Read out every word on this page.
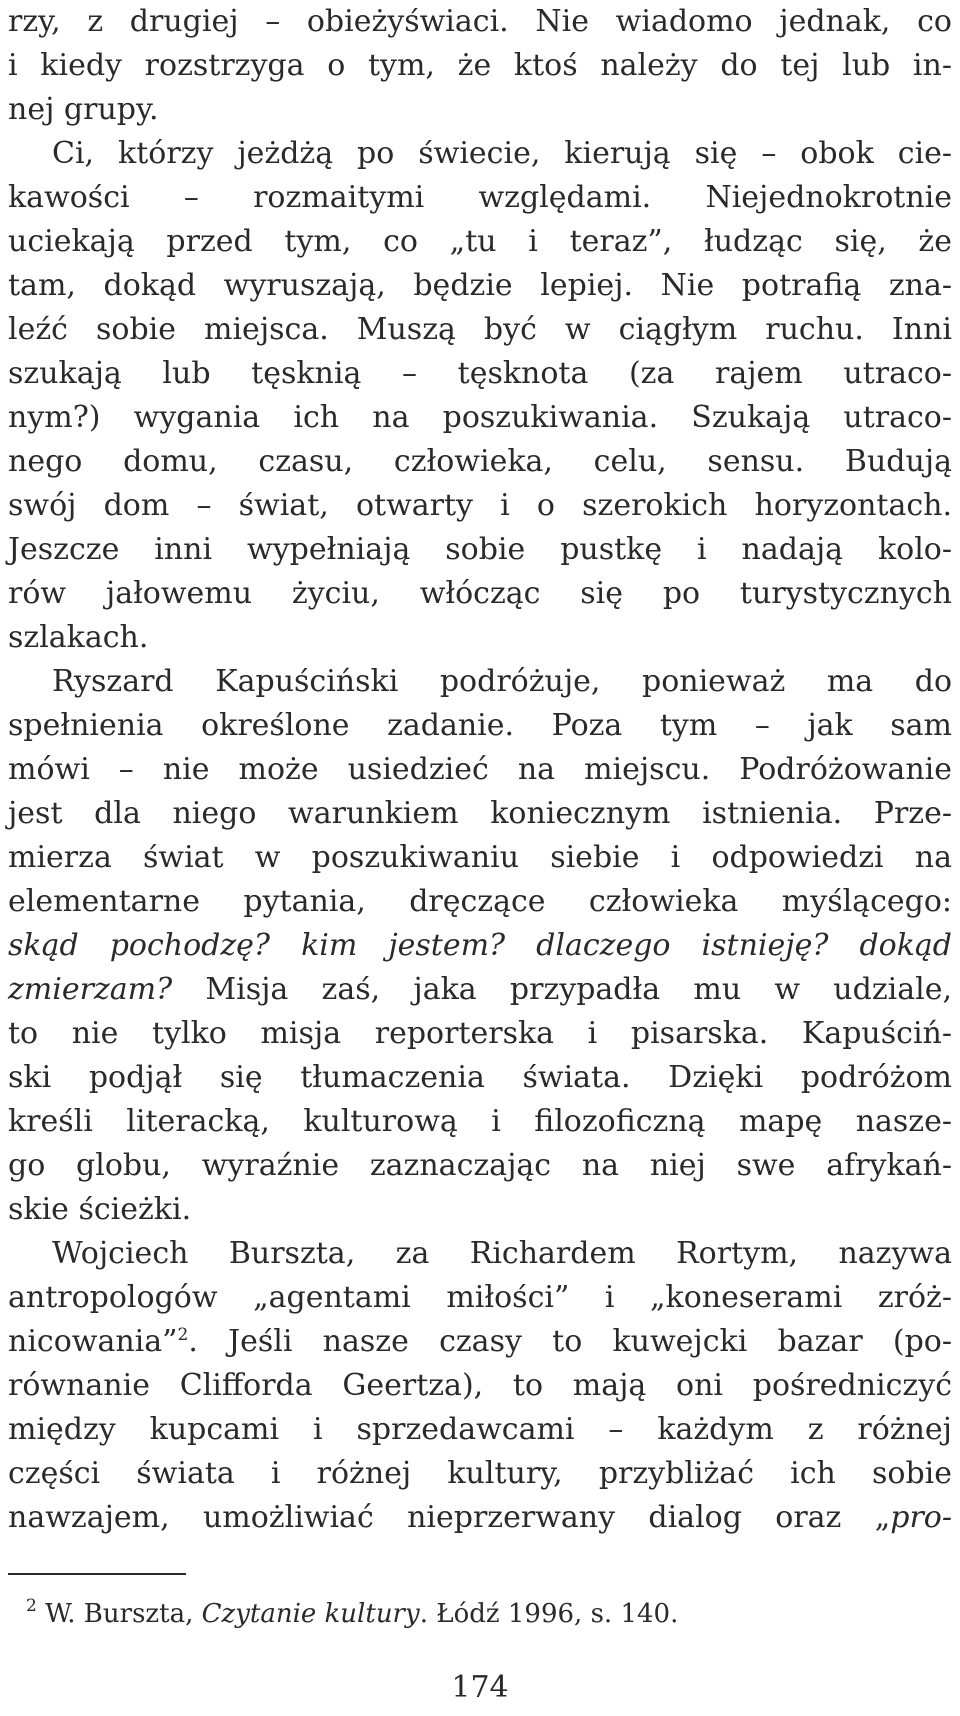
rzy, z drugiej – obieżyświaci. Nie wiadomo jednak, co
i kiedy rozstrzyga o tym, że ktoś należy do tej lub in-
nej grupy.
Ci, którzy jeżdżą po świecie, kierują się – obok cie-
kawości – rozmaitymi względami. Niejednokrotnie
uciekają przed tym, co „tu i teraz”, łudząc się, że
tam, dokąd wyruszają, będzie lepiej. Nie potrafią zna-
leźć sobie miejsca. Muszą być w ciągłym ruchu. Inni
szukają lub tęsknią – tęsknota (za rajem utraco-
nym?) wygania ich na poszukiwania. Szukają utraco-
nego domu, czasu, człowieka, celu, sensu. Budują
swój dom – świat, otwarty i o szerokich horyzontach.
Jeszcze inni wypełniają sobie pustkę i nadają kolo-
rów jałowemu życiu, włócząc się po turystycznych
szlakach.
Ryszard Kapuściński podróżuje, ponieważ ma do
spełnienia określone zadanie. Poza tym – jak sam
mówi – nie może usiedzieć na miejscu. Podróżowanie
jest dla niego warunkiem koniecznym istnienia. Prze-
mierza świat w poszukiwaniu siebie i odpowiedzi na
elementarne pytania, dręczące człowieka myślącego:
skąd pochodzę? kim jestem? dlaczego istnieję? dokąd
zmierzam? Misja zaś, jaka przypadła mu w udziale,
to nie tylko misja reporterska i pisarska. Kapuściń-
ski podjął się tłumaczenia świata. Dzięki podróżom
kreśli literacką, kulturową i filozoficzną mapę nasze-
go globu, wyraźnie zaznaczając na niej swe afrykań-
skie ścieżki.
Wojciech Burszta, za Richardem Rortym, nazywa
antropologów „agentami miłości” i „koneserami zróż-
nicowania”$^2$. Jeśli nasze czasy to kuwejcki bazar (po-
równanie Clifforda Geertza), to mają oni pośredniczyć
między kupcami i sprzedawcami – każdym z różnej
części świata i różnej kultury, przybliżać ich sobie
nawzajem, umożliwiać nieprzerwany dialog oraz „pro-
$^2$ W. Burszta, Czytanie kultury. Łódź 1996, s. 140.
174
